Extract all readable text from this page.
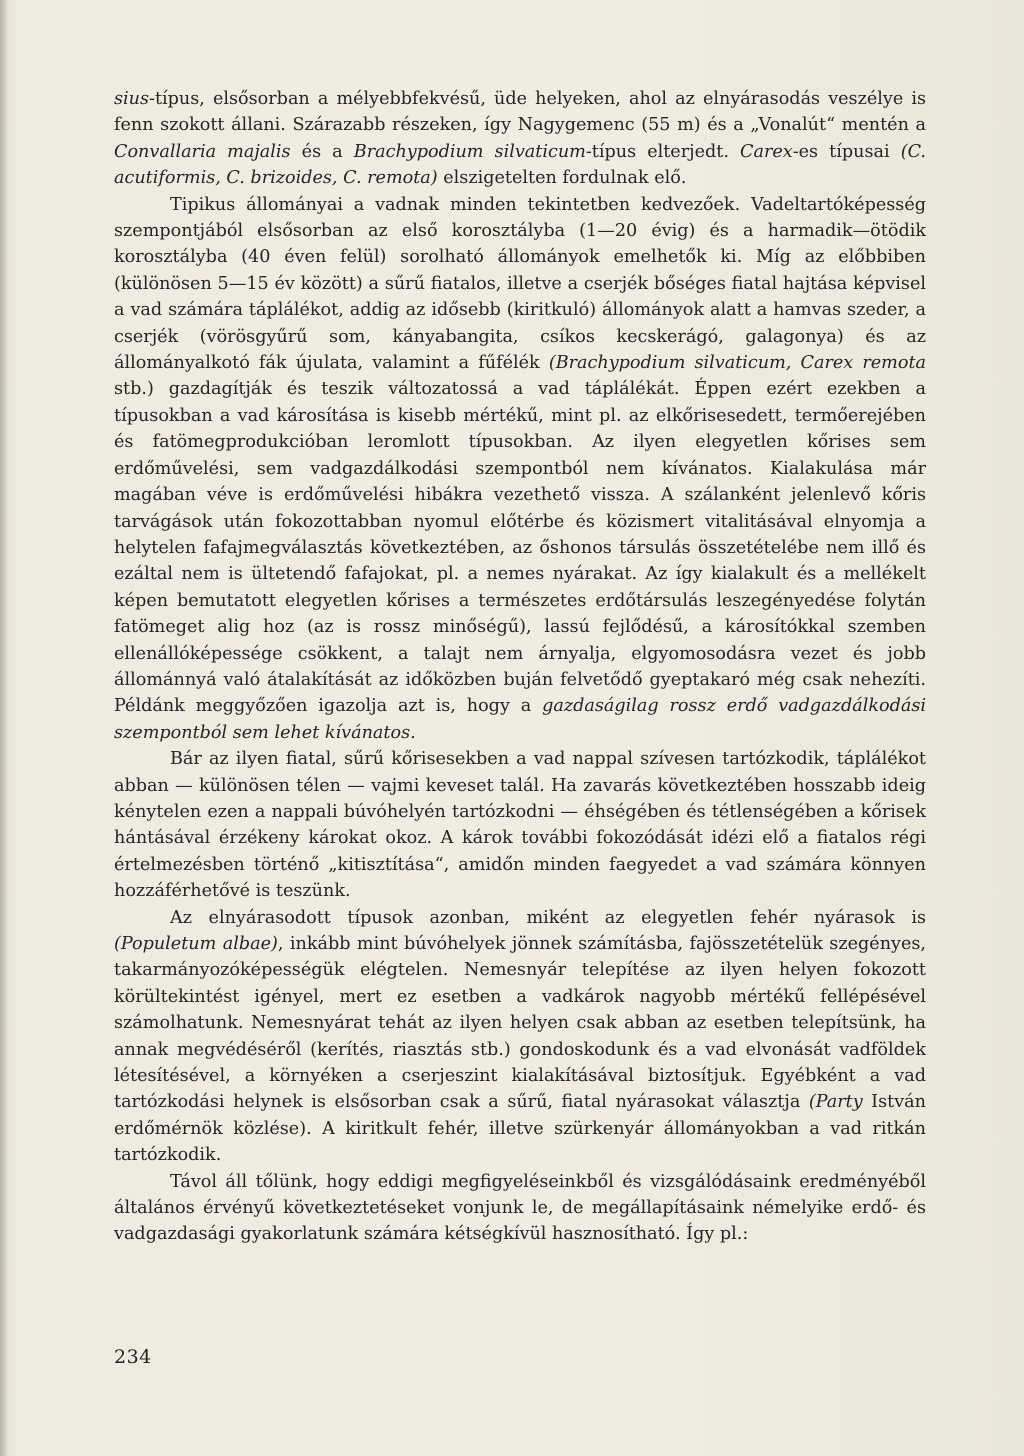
sius-típus, elsősorban a mélyebbfekvésű, üde helyeken, ahol az elnyárasodás veszélye is fenn szokott állani. Szárazabb részeken, így Nagygemenc (55 m) és a „Vonalút“ mentén a Convallaria majalis és a Brachypodium silvaticum-típus elterjedt. Carex-es típusai (C. acutiformis, C. brizoides, C. remota) elszigetelten fordulnak elő.

Tipikus állományai a vadnak minden tekintetben kedvezőek. Vadeltartóképesség szempontjából elsősorban az első korosztályba (1—20 évig) és a harmadik—ötödik korosztályba (40 éven felül) sorolható állományok emelhetők ki. Míg az előbbiben (különösen 5—15 év között) a sűrű fiatalos, illetve a cserjék bőséges fiatal hajtása képvisel a vad számára táplálékot, addig az idősebb (kiritkuló) állományok alatt a hamvas szeder, a cserjék (vörösgyűrű som, kányabangita, csíkos kecskerágó, galagonya) és az állományalkotó fák újulata, valamint a fűfélék (Brachypodium silvaticum, Carex remota stb.) gazdagítják és teszik változatossá a vad táplálékát. Éppen ezért ezekben a típusokban a vad károsítása is kisebb mértékű, mint pl. az elkőrisesedett, termőerejében és fatömegprodukcióban leromlott típusokban. Az ilyen elegyetlen kőrises sem erdőművelési, sem vadgazdálkodási szempontból nem kívánatos. Kialakulása már magában véve is erdőművelési hibákra vezethető vissza. A szálanként jelenlevő kőris tarvágások után fokozottabban nyomul előtérbe és közismert vitalitásával elnyomja a helytelen fafajmegválasztás következtében, az őshonos társulás összetételébe nem illő és ezáltal nem is ültetendő fafajokat, pl. a nemes nyárakat. Az így kialakult és a mellékelt képen bemutatott elegyetlen kőrises a természetes erdőtársulás leszegényedése folytán fatömeget alig hoz (az is rossz minőségű), lassú fejlődésű, a károsítókkal szemben ellenállóképessége csökkent, a talajt nem árnyalja, elgyomosodásra vezet és jobb állománnyá való átalakítását az időközben buján felvetődő gyeptakaró még csak nehezíti. Példánk meggyőzően igazolja azt is, hogy a gazdaságilag rossz erdő vadgazdálkodási szempontból sem lehet kívánatos.

Bár az ilyen fiatal, sűrű kőrisesekben a vad nappal szívesen tartózkodik, táplálékot abban — különösen télen — vajmi keveset talál. Ha zavarás következtében hosszabb ideig kénytelen ezen a nappali búvóhelyén tartózkodni — éhségében és tétlenségében a kőrisek hántásával érzékeny károkat okoz. A károk további fokozódását idézi elő a fiatalos régi értelmezésben történő „kitisztítása“, amidőn minden faegyedet a vad számára könnyen hozzáférhetővé is teszünk.

Az elnyárasodott típusok azonban, miként az elegyetlen fehér nyárasok is (Populetum albae), inkább mint búvóhelyek jönnek számításba, fajösszetételük szegényes, takarmányozóképességük elégtelen. Nemesnyár telepítése az ilyen helyen fokozott körültekintést igényel, mert ez esetben a vadkárok nagyobb mértékű fellépésével számolhatunk. Nemesnyárat tehát az ilyen helyen csak abban az esetben telepítsünk, ha annak megvédéséről (kerítés, riasztás stb.) gondoskodunk és a vad elvonását vadföldek létesítésével, a környéken a cserjeszint kialakításával biztosítjuk. Egyébként a vad tartózkodási helynek is elsősorban csak a sűrű, fiatal nyárasokat választja (Party István erdőmérnök közlése). A kiritkult fehér, illetve szürkenyár állományokban a vad ritkán tartózkodik.

Távol áll tőlünk, hogy eddigi megfigyeléseinkből és vizsgálódásaink eredményéből általános érvényű következtetéseket vonjunk le, de megállapításaink némelyike erdő- és vadgazdasági gyakorlatunk számára kétségkívül hasznosítható. Így pl.:

234
